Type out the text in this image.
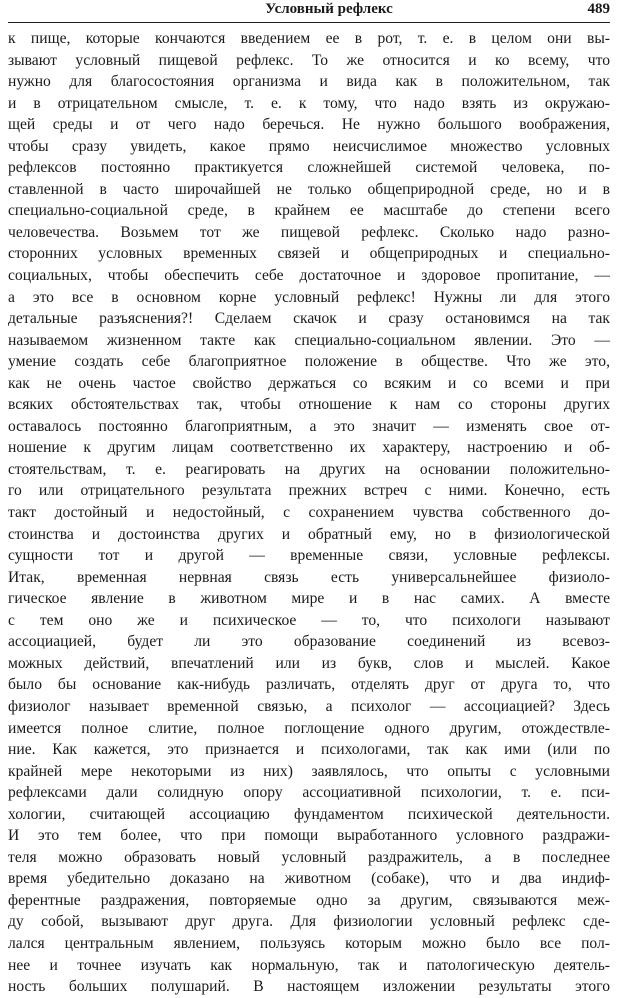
Условный рефлекс	489
к пище, которые кончаются введением ее в рот, т. е. в целом они вы-
зывают условный пищевой рефлекс. То же относится и ко всему, что
нужно для благосостояния организма и вида как в положительном, так
и в отрицательном смысле, т. е. к тому, что надо взять из окружаю-
щей среды и от чего надо беречься. Не нужно большого воображения,
чтобы сразу увидеть, какое прямо неисчислимое множество условных
рефлексов постоянно практикуется сложнейшей системой человека, по-
ставленной в часто широчайшей не только общеприродной среде, но и в
специально-социальной среде, в крайнем ее масштабе до степени всего
человечества. Возьмем тот же пищевой рефлекс. Сколько надо разно-
сторонних условных временных связей и общеприродных и специально-
социальных, чтобы обеспечить себе достаточное и здоровое пропитание, —
а это все в основном корне условный рефлекс! Нужны ли для этого
детальные разъяснения?! Сделаем скачок и сразу остановимся на так
называемом жизненном такте как специально-социальном явлении. Это —
умение создать себе благоприятное положение в обществе. Что же это,
как не очень частое свойство держаться со всяким и со всеми и при
всяких обстоятельствах так, чтобы отношение к нам со стороны других
оставалось постоянно благоприятным, а это значит — изменять свое от-
ношение к другим лицам соответственно их характеру, настроению и об-
стоятельствам, т. е. реагировать на других на основании положительно-
го или отрицательного результата прежних встреч с ними. Конечно, есть
такт достойный и недостойный, с сохранением чувства собственного до-
стоинства и достоинства других и обратный ему, но в физиологической
сущности тот и другой — временные связи, условные рефлексы.
Итак, временная нервная связь есть универсальнейшее физиоло-
гическое явление в животном мире и в нас самих. А вместе
с тем оно же и психическое — то, что психологи называют
ассоциацией, будет ли это образование соединений из всевоз-
можных действий, впечатлений или из букв, слов и мыслей. Какое
было бы основание как-нибудь различать, отделять друг от друга то, что
физиолог называет временной связью, а психолог — ассоциацией? Здесь
имеется полное слитие, полное поглощение одного другим, отождествле-
ние. Как кажется, это признается и психологами, так как ими (или по
крайней мере некоторыми из них) заявлялось, что опыты с условными
рефлексами дали солидную опору ассоциативной психологии, т. е. пси-
хологии, считающей ассоциацию фундаментом психической деятельности.
И это тем более, что при помощи выработанного условного раздражи-
теля можно образовать новый условный раздражитель, а в последнее
время убедительно доказано на животном (собаке), что и два индиф-
ферентные раздражения, повторяемые одно за другим, связываются меж-
ду собой, вызывают друг друга. Для физиологии условный рефлекс сде-
лался центральным явлением, пользуясь которым можно было все пол-
нее и точнее изучать как нормальную, так и патологическую деятель-
ность больших полушарий. В настоящем изложении результаты этого
